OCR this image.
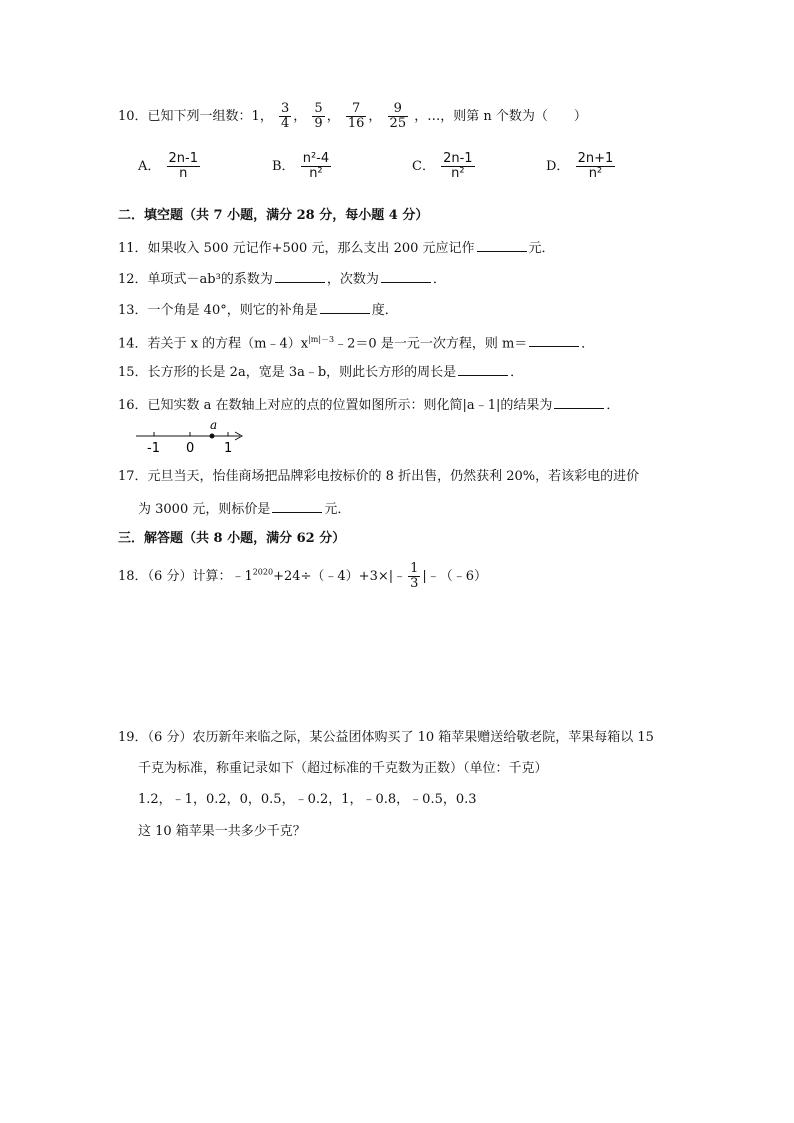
10．已知下列一组数：1， $\frac{3}{4}$ ， $\frac{5}{9}$ ， $\frac{7}{16}$ ， $\frac{9}{25}$ ，…，则第 n 个数为（　　）
A． $\frac{2n-1}{n}$	B． $\frac{\text{n²-4}}{\text{n²}}$	C． $\frac{2n-1}{\text{n²}}$	D． $\frac{2n+1}{\text{n²}}$
二．填空题（共 7 小题，满分 28 分，每小题 4 分）
11．如果收入 500 元记作+500 元，那么支出 200 元应记作	元．
12．单项式－ab³的系数为	，次数为	．
13．一个角是 40°，则它的补角是	度．
14．若关于 x 的方程$(m﹣4)x^{|m|-3}﹣2=0$ 是一元一次方程，则 m＝	．
15．长方形的长是 2a，宽是 3a﹣b，则此长方形的周长是	．
16．已知实数 a 在数轴上对应的点的位置如图所示：则化简|a﹣1|的结果为	．
a
-1 0 1
17．元旦当天，怡佳商场把品牌彩电按标价的 8 折出售，仍然获利 20%，若该彩电的进价
为 3000 元，则标价是	元．
三．解答题（共 8 小题，满分 62 分）
18．（6 分）计算：$﹣1^{2020}+24\div(﹣4)+3\times|﹣ \frac{1}{3}$ |﹣（﹣6）
19．（6 分）农历新年来临之际，某公益团体购买了 10 箱苹果赠送给敬老院，苹果每箱以 15
千克为标准，称重记录如下（超过标准的千克数为正数）（单位：千克）
1.2，﹣1，0.2，0，0.5，﹣0.2，1，﹣0.8，﹣0.5，0.3
这 10 箱苹果一共多少千克？
